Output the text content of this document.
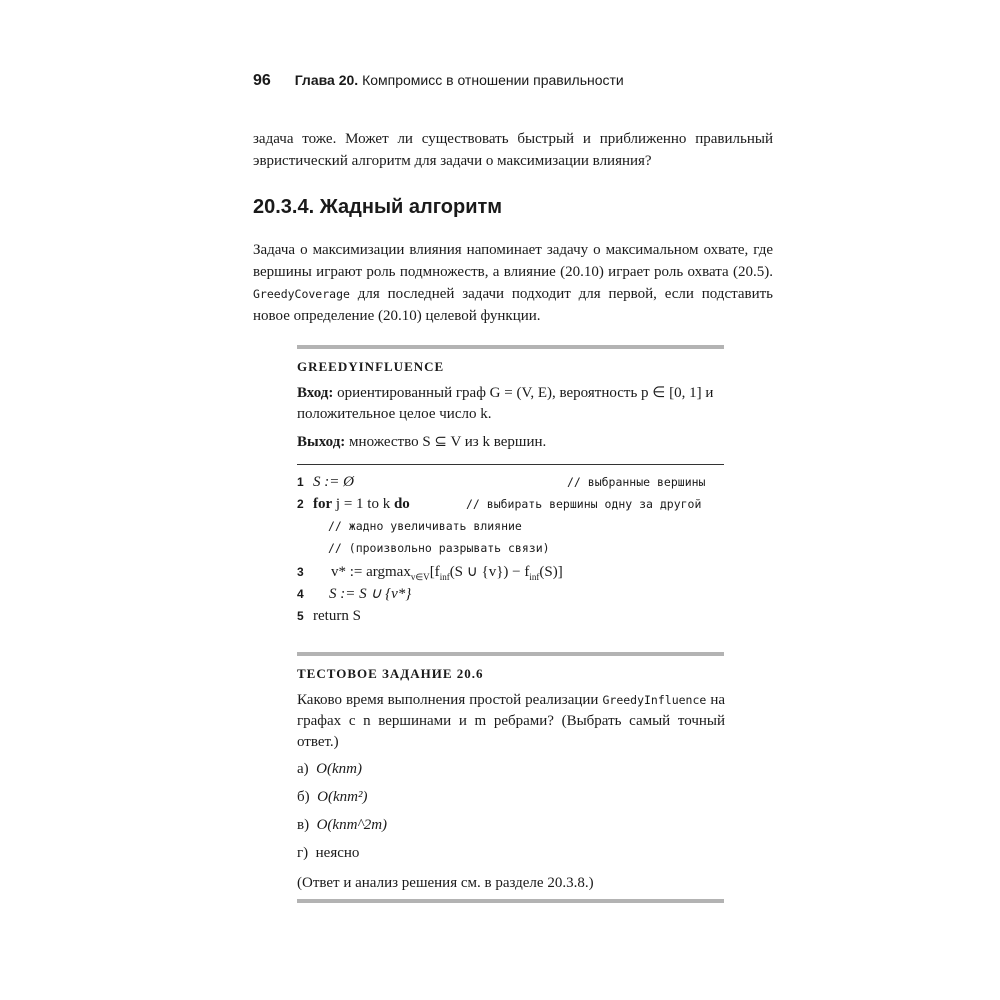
96 Глава 20. Компромисс в отношении правильности
задача тоже. Может ли существовать быстрый и приближенно правильный эвристический алгоритм для задачи о максимизации влияния?
20.3.4. Жадный алгоритм
Задача о максимизации влияния напоминает задачу о максимальном охвате, где вершины играют роль подмножеств, а влияние (20.10) играет роль охвата (20.5). GreedyCoverage для последней задачи подходит для первой, если подставить новое определение (20.10) целевой функции.
GREEDYINFLUENCE
Вход: ориентированный граф G = (V, E), вероятность p ∈ [0, 1] и положительное целое число k.
Выход: множество S ⊆ V из k вершин.
1 S := Ø	// выбранные вершины
2 for j = 1 to k do	// выбирать вершины одну за другой
// жадно увеличивать влияние
// (произвольно разрывать связи)
3 v* := $argmax_{v\in V}[f_{inf}(S$ ∪ $\{v\}) - f_{inf}(S)$]
4 S := S ∪ {v*}
5 return S
ТЕСТОВОЕ ЗАДАНИЕ 20.6
Каково время выполнения простой реализации GreedyInfluence на графах с n вершинами и m ребрами? (Выбрать самый точный ответ.)
а) O(knm)
б) O(knm²)
в) O(knm^2m)
г) неясно
(Ответ и анализ решения см. в разделе 20.3.8.)
